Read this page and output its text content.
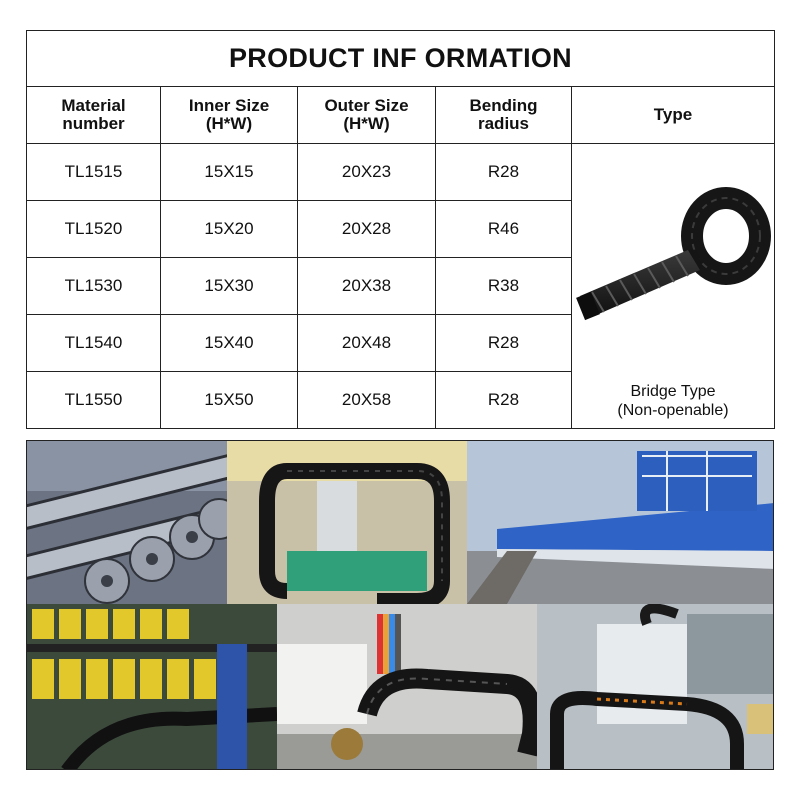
PRODUCT INF ORMATION				

Material number	Inner Size (H*W)	Outer Size (H*W)	Bending radius	Type
TL1515	15X15	20X23	R28	Bridge Type
(Non-openable)

TL1520	15X20	20X28	R46	
TL1530	15X30	20X38	R38	
TL1540	15X40	20X48	R28	
TL1550	15X50	20X58	R28	
